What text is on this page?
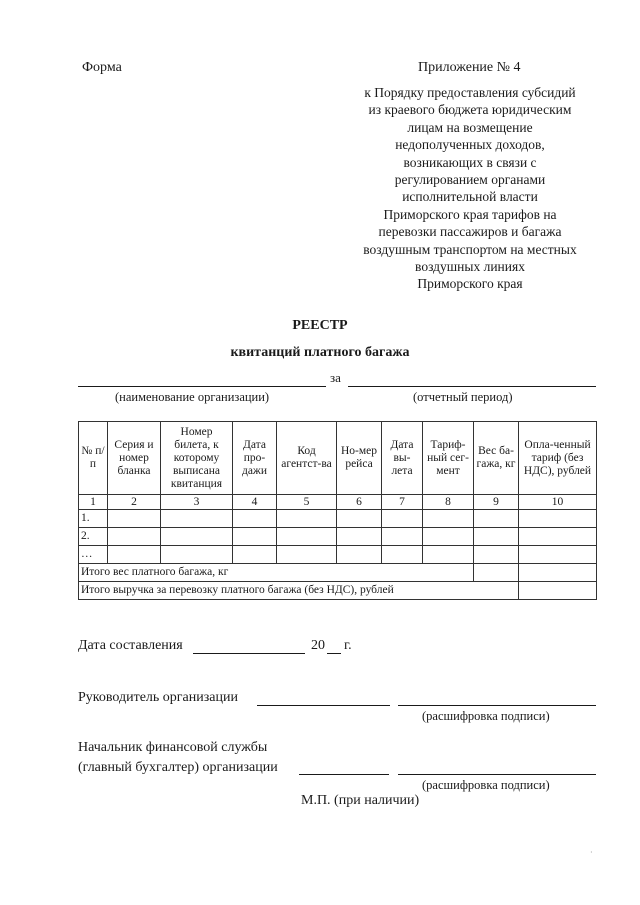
Форма	Приложение № 4
к Порядку предоставления субсидий
из краевого бюджета юридическим
лицам на возмещение
недополученных доходов,
возникающих в связи с
регулированием органами
исполнительной власти
Приморского края тарифов на
перевозки пассажиров и багажа
воздушным транспортом на местных
воздушных линиях
Приморского края
РЕЕСТР
квитанций платного багажа
за
(наименование организации)	(отчетный период)
№ п/п	Серия и номер бланка	Номер билета, к которому выписана квитанция	Дата про-дажи	Код агентст-ва	Но-мер рейса	Дата вы-лета	Тариф-ный сег-мент	Вес ба-гажа, кг	Опла-ченный тариф (без НДС), рублей
1	2	3	4	5	6	7	8	9	10
1.									
2.									
…									
Итого вес платного багажа, кг									
Итого выручка за перевозку платного багажа (без НДС), рублей									
Дата составления	20 г.
Руководитель организации
(расшифровка подписи)
Начальник финансовой службы
(главный бухгалтер) организации
(расшифровка подписи)
М.П. (при наличии)
·
